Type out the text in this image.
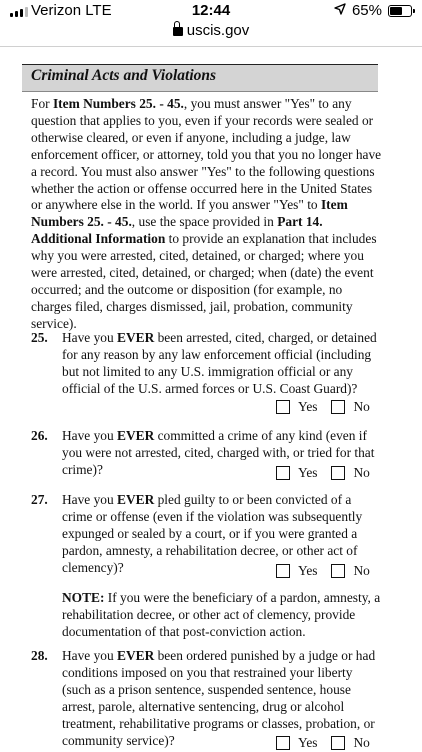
Verizon LTE	12:44	65%
uscis.gov
Criminal Acts and Violations
For Item Numbers 25. - 45., you must answer "Yes" to any question that applies to you, even if your records were sealed or otherwise cleared, or even if anyone, including a judge, law enforcement officer, or attorney, told you that you no longer have a record. You must also answer "Yes" to the following questions whether the action or offense occurred here in the United States or anywhere else in the world. If you answer "Yes" to Item Numbers 25. - 45., use the space provided in Part 14. Additional Information to provide an explanation that includes why you were arrested, cited, detained, or charged; where you were arrested, cited, detained, or charged; when (date) the event occurred; and the outcome or disposition (for example, no charges filed, charges dismissed, jail, probation, community service).
25. Have you EVER been arrested, cited, charged, or detained for any reason by any law enforcement official (including but not limited to any U.S. immigration official or any official of the U.S. armed forces or U.S. Coast Guard)?
Yes	No
26. Have you EVER committed a crime of any kind (even if you were not arrested, cited, charged with, or tried for that crime)?	Yes	No
27. Have you EVER pled guilty to or been convicted of a crime or offense (even if the violation was subsequently expunged or sealed by a court, or if you were granted a pardon, amnesty, a rehabilitation decree, or other act of clemency)?	Yes	No
NOTE: If you were the beneficiary of a pardon, amnesty, a rehabilitation decree, or other act of clemency, provide documentation of that post-conviction action.
28. Have you EVER been ordered punished by a judge or had conditions imposed on you that restrained your liberty (such as a prison sentence, suspended sentence, house arrest, parole, alternative sentencing, drug or alcohol treatment, rehabilitative programs or classes, probation, or community service)?	Yes	No
